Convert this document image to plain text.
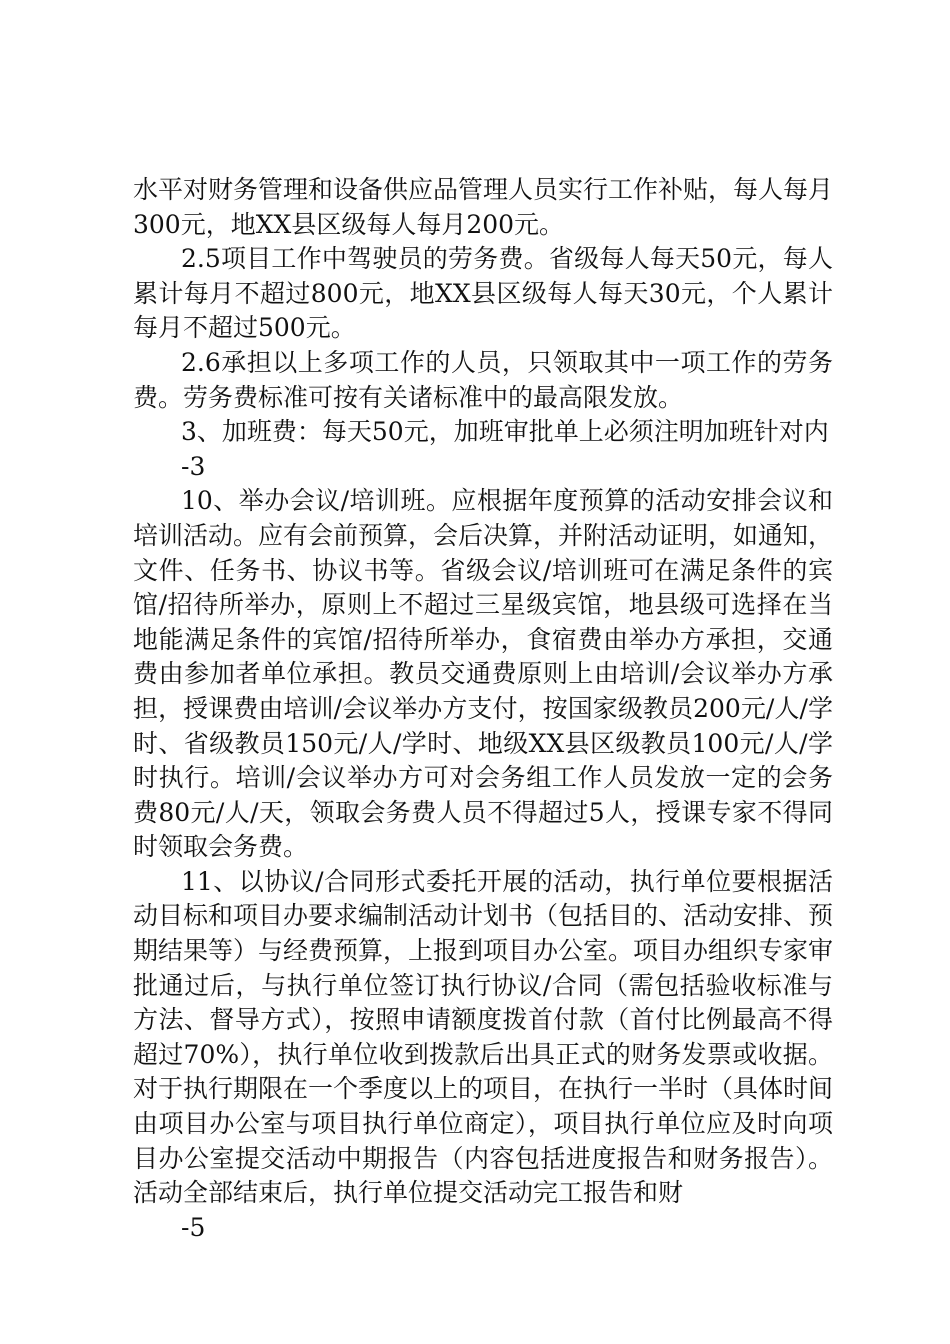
水平对财务管理和设备供应品管理人员实行工作补贴，每人每月300元，地XX县区级每人每月200元。

2.5项目工作中驾驶员的劳务费。省级每人每天50元，每人累计每月不超过800元，地XX县区级每人每天30元，个人累计每月不超过500元。

2.6承担以上多项工作的人员，只领取其中一项工作的劳务费。劳务费标准可按有关诸标准中的最高限发放。

3、加班费：每天50元，加班审批单上必须注明加班针对内

-3

10、举办会议/培训班。应根据年度预算的活动安排会议和培训活动。应有会前预算，会后决算，并附活动证明，如通知，文件、任务书、协议书等。省级会议/培训班可在满足条件的宾馆/招待所举办，原则上不超过三星级宾馆，地县级可选择在当地能满足条件的宾馆/招待所举办，食宿费由举办方承担，交通费由参加者单位承担。教员交通费原则上由培训/会议举办方承担，授课费由培训/会议举办方支付，按国家级教员200元/人/学时、省级教员150元/人/学时、地级XX县区级教员100元/人/学时执行。培训/会议举办方可对会务组工作人员发放一定的会务费80元/人/天，领取会务费人员不得超过5人，授课专家不得同时领取会务费。

11、以协议/合同形式委托开展的活动，执行单位要根据活动目标和项目办要求编制活动计划书（包括目的、活动安排、预期结果等）与经费预算，上报到项目办公室。项目办组织专家审批通过后，与执行单位签订执行协议/合同（需包括验收标准与方法、督导方式），按照申请额度拨首付款（首付比例最高不得超过70%），执行单位收到拨款后出具正式的财务发票或收据。对于执行期限在一个季度以上的项目，在执行一半时（具体时间由项目办公室与项目执行单位商定），项目执行单位应及时向项目办公室提交活动中期报告（内容包括进度报告和财务报告）。活动全部结束后，执行单位提交活动完工报告和财

-5
